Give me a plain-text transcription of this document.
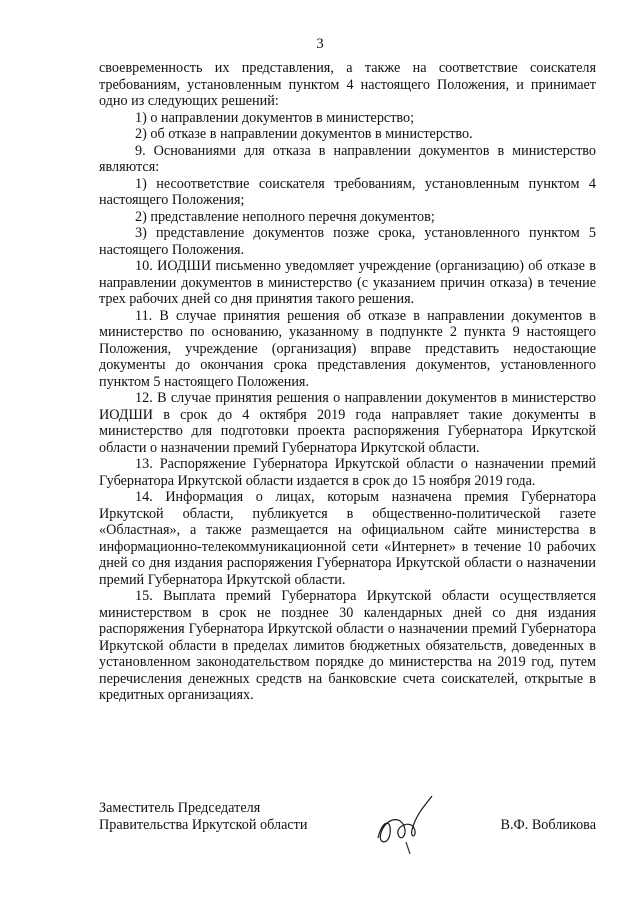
3

своевременность их представления, а также на соответствие соискателя требованиям, установленным пунктом 4 настоящего Положения, и принимает одно из следующих решений:

1) о направлении документов в министерство;

2) об отказе в направлении документов в министерство.

9. Основаниями для отказа в направлении документов в министерство являются:

1) несоответствие соискателя требованиям, установленным пунктом 4 настоящего Положения;

2) представление неполного перечня документов;

3) представление документов позже срока, установленного пунктом 5 настоящего Положения.

10. ИОДШИ письменно уведомляет учреждение (организацию) об отказе в направлении документов в министерство (с указанием причин отказа) в течение трех рабочих дней со дня принятия такого решения.

11. В случае принятия решения об отказе в направлении документов в министерство по основанию, указанному в подпункте 2 пункта 9 настоящего Положения, учреждение (организация) вправе представить недостающие документы до окончания срока представления документов, установленного пунктом 5 настоящего Положения.

12. В случае принятия решения о направлении документов в министерство ИОДШИ в срок до 4 октября 2019 года направляет такие документы в министерство для подготовки проекта распоряжения Губернатора Иркутской области о назначении премий Губернатора Иркутской области.

13. Распоряжение Губернатора Иркутской области о назначении премий Губернатора Иркутской области издается в срок до 15 ноября 2019 года.

14. Информация о лицах, которым назначена премия Губернатора Иркутской области, публикуется в общественно-политической газете «Областная», а также размещается на официальном сайте министерства в информационно-телекоммуникационной сети «Интернет» в течение 10 рабочих дней со дня издания распоряжения Губернатора Иркутской области о назначении премий Губернатора Иркутской области.

15. Выплата премий Губернатора Иркутской области осуществляется министерством в срок не позднее 30 календарных дней со дня издания распоряжения Губернатора Иркутской области о назначении премий Губернатора Иркутской области в пределах лимитов бюджетных обязательств, доведенных в установленном законодательством порядке до министерства на 2019 год, путем перечисления денежных средств на банковские счета соискателей, открытые в кредитных организациях.

Заместитель Председателя
Правительства Иркутской области	В.Ф. Вобликова
